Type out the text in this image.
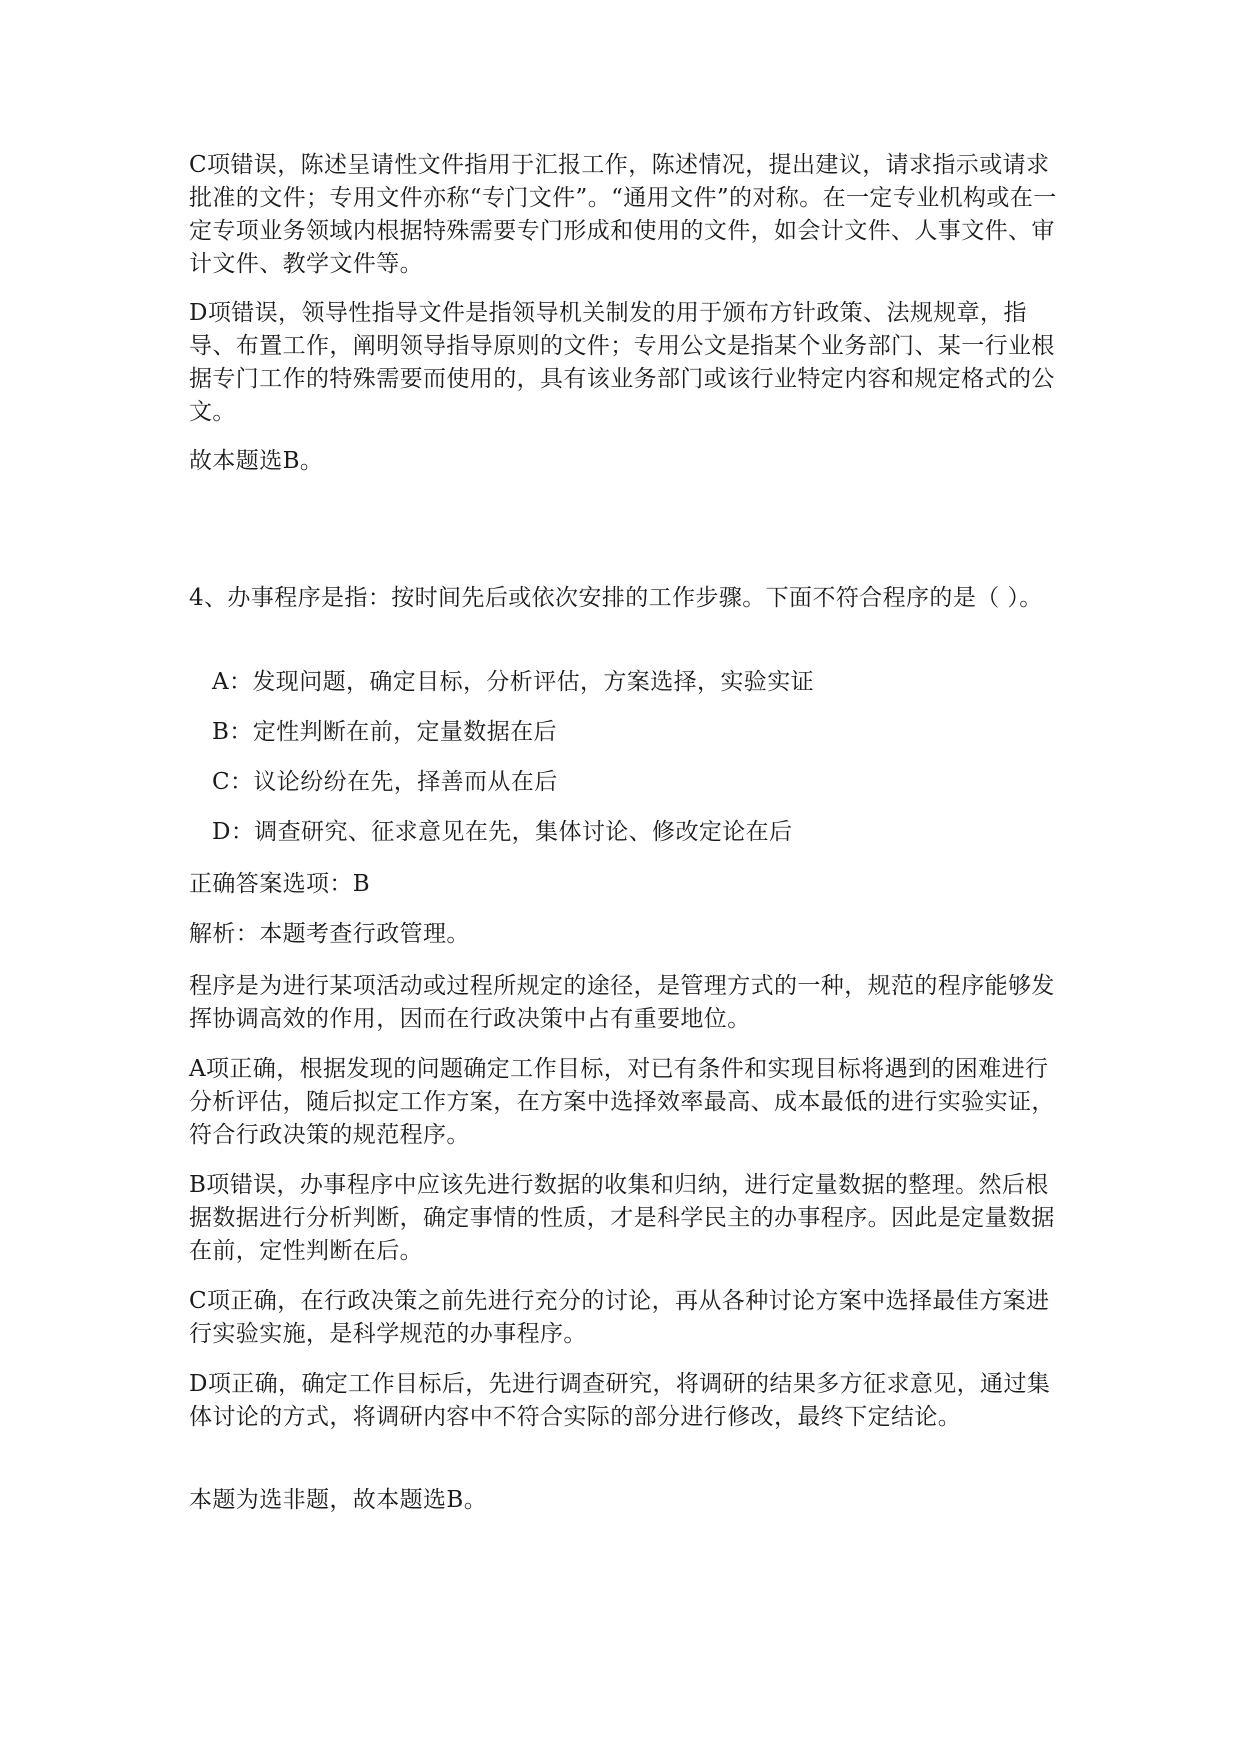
C项错误，陈述呈请性文件指用于汇报工作，陈述情况，提出建议，请求指示或请求批准的文件；专用文件亦称“专门文件”。“通用文件”的对称。在一定专业机构或在一定专项业务领域内根据特殊需要专门形成和使用的文件，如会计文件、人事文件、审计文件、教学文件等。

D项错误，领导性指导文件是指领导机关制发的用于颁布方针政策、法规规章，指导、布置工作，阐明领导指导原则的文件；专用公文是指某个业务部门、某一行业根据专门工作的特殊需要而使用的，具有该业务部门或该行业特定内容和规定格式的公文。

故本题选B。

4、办事程序是指：按时间先后或依次安排的工作步骤。下面不符合程序的是（ ）。

A：发现问题，确定目标，分析评估，方案选择，实验实证

B：定性判断在前，定量数据在后

C：议论纷纷在先，择善而从在后

D：调查研究、征求意见在先，集体讨论、修改定论在后

正确答案选项：B

解析：本题考查行政管理。

程序是为进行某项活动或过程所规定的途径，是管理方式的一种，规范的程序能够发挥协调高效的作用，因而在行政决策中占有重要地位。

A项正确，根据发现的问题确定工作目标，对已有条件和实现目标将遇到的困难进行分析评估，随后拟定工作方案，在方案中选择效率最高、成本最低的进行实验实证，符合行政决策的规范程序。

B项错误，办事程序中应该先进行数据的收集和归纳，进行定量数据的整理。然后根据数据进行分析判断，确定事情的性质，才是科学民主的办事程序。因此是定量数据在前，定性判断在后。

C项正确，在行政决策之前先进行充分的讨论，再从各种讨论方案中选择最佳方案进行实验实施，是科学规范的办事程序。

D项正确，确定工作目标后，先进行调查研究，将调研的结果多方征求意见，通过集体讨论的方式，将调研内容中不符合实际的部分进行修改，最终下定结论。

本题为选非题，故本题选B。
